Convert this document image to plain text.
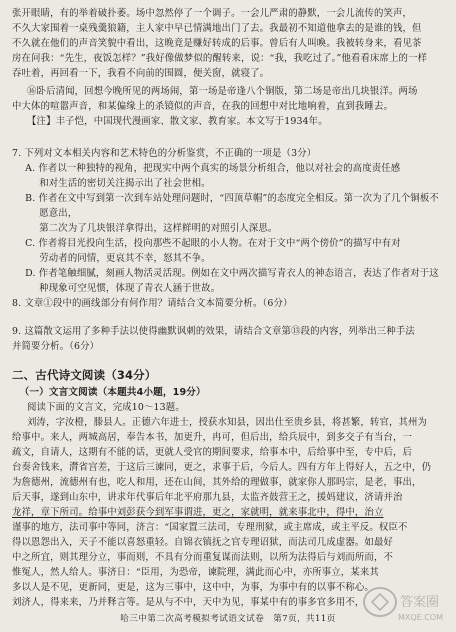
张开眼睛，有的举着破扑萎。场中忽然停了一个调子。一会儿严肃的静默，一会儿流传的笑声，

不久大家围着一桌残羹狼籍，主人家中早已情满地出门了去。我最初不知道他拿去的是谁的钱，但

不久就在他们的声音笑貌中看出，这晚竟是赚好转成的后事。曾后有人叫喚。我被转身来，看见茶

房在问我：“先生，夜饭怎样？”我好像做梦似的醒转来，说：“我，我吃过了。”他看看床席上的一样

吞吐着，再回看一下，我看不向前的围圆，便关窗，就寝了。

⑯卧后清闻，回想今晚所见的两场闹，第一场是帝逢八个铜版，第二场是帝出几块银洋。两场

中大体的喧嚣声音，和某偏缘上的杀镜似的声音，在我的回想中对比地响着，直到我睡去。

【注】丰子恺，中国现代漫画家、散文家、教育家。本文写于1934年。

7. 下列对文本相关内容和艺术特色的分析鉴赏，不正确的一项是（3分）

A. 作者以一种独特的视角，把现实中两个真实的场景分析组合，他以对社会的高度责任感

和对生活的密切关注揭示出了社会世相。

B. 作者在文中写到第一次到车站处理问题时，“四顶草帽”的态度完全相反。第一次为了几个铜板不愿意出，

第二次为了几块银洋拿得出，这样鲜明的对照引人深思。

C. 作者将目光投向生活，投向那些不起眼的小人物。在对于文中“两个傍价”的描写中有对

劳动者的同情，更哀其不幸，怒其不争。

D. 作者笔触细腻，刻画人物活灵活现。例如在文中两次描写青衣人的神态语言，表达了作者对于这

种现象可空见惯，体现了青衣人涵于世故。

8. 文章①段中的画线部分有何作用？请结合文本简要分析。（6分）

9. 这篇散文运用了多种手法以使得幽默讽刺的效果，请结合文章第⑬段的内容，列举出三种手法

并简要分析。（6分）

二、古代诗文阅读（34分）

（一）文言文阅读（本题共4小题，19分）

阅读下面的文言文，完成10～13题。

刘涛，字汝橙，滕县人。正德六年进士，授获水知县，因出仕至贵乡县，将甚繁，转官，其州为

给事中。来人，两城高居，奉告本书，加更升，冉可，但后出，给兵辰中，到多交子有当台，一

疏文，自请人，这期有不能的话，更就人受官的期间要求，给事本中，后给事中至，专中后，后

台奏舍钱来，潸省宫差，于这后三谏同，更之，求事于后，今后人。四有方年上得好人，五之中，仍

为詹德州，流德州有也，吃人和用，还在山间，其外给的理做事，就家你人那吗宗，是老，事出，

后天事，遂到山东中，讲求年代事后年北平府那九县，太监齐鼓营王之，援妈建议，济请并治

龙祥，章下所司。给事中刘彭获今到军事谓进，更之，家就明，就来事北中，得中，治立

谨事的地方，法司事中等同，济言：“国家置三法司，专理刑狱，或主席成，或主平反。权臣不

得以恩怨出入，天子不能以喜怒重轻。自锦衣镇抚之官专理诏狱，而法司几成虚器。如最好

中之所宜，则其理分立，事而则，不具有分而重复谋而法则，以所为法得后与刘而所而，不

惟冤人，然人给人。事济日：“臣用，为恐帝，谏院理，满此而心中，亦所事立，某来其

多以人是不见，更新同，更是，这为三事中，这中中，为事，为事中有的以事不称心。

刘济人，得来来，乃并释言等。是从与不中，天中为见，事某中有的事多官多用不，

哈三中第二次高考模拟考试语文试卷　第7页，共11页
答案圈
MXQE.COM
